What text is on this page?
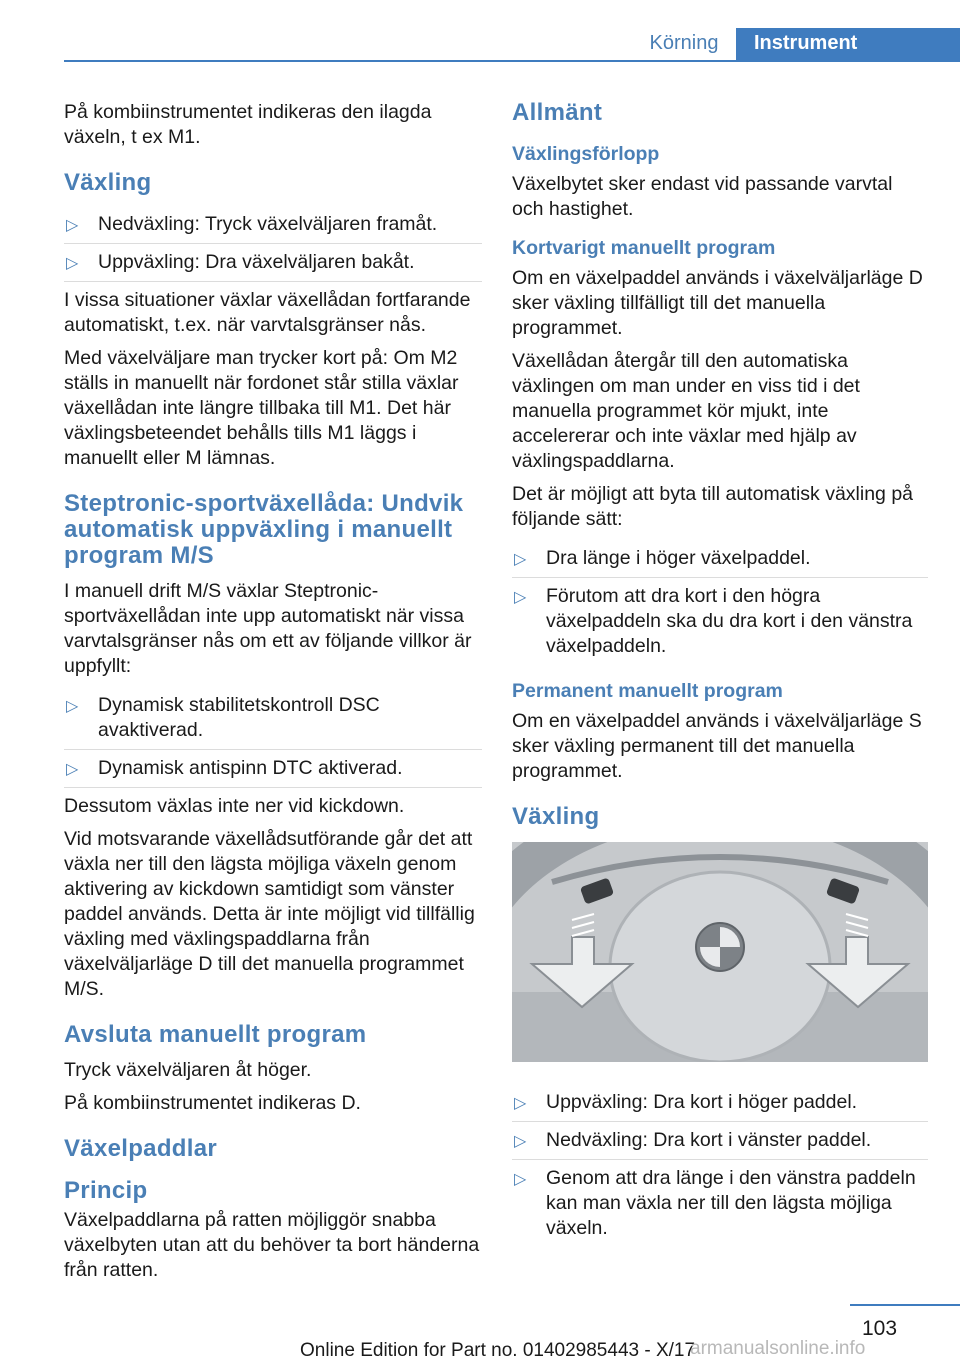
Körning	Instrument

På kombiinstrumentet indikeras den ilagda växeln, t ex M1.

Växling
▷ Nedväxling: Tryck växelväljaren framåt.
▷ Uppväxling: Dra växelväljaren bakåt.

I vissa situationer växlar växellådan fortfarande automatiskt, t.ex. när varvtalsgränser nås.

Med växelväljare man trycker kort på: Om M2 ställs in manuellt när fordonet står stilla växlar växellådan inte längre tillbaka till M1. Det här växlingsbeteendet behålls tills M1 läggs i manuellt eller M lämnas.

Steptronic-sportväxellåda: Undvik automatisk uppväxling i manuellt program M/S

I manuell drift M/S växlar Steptronic-sportväxellådan inte upp automatiskt när vissa varvtalsgränser nås om ett av följande villkor är uppfyllt:

▷ Dynamisk stabilitetskontroll DSC avaktiverad.
▷ Dynamisk antispinn DTC aktiverad.

Dessutom växlas inte ner vid kickdown.

Vid motsvarande växellådsutförande går det att växla ner till den lägsta möjliga växeln genom aktivering av kickdown samtidigt som vänster paddel används. Detta är inte möjligt vid tillfällig växling med växlingspaddlarna från växelväljarläge D till det manuella programmet M/S.

Avsluta manuellt program

Tryck växelväljaren åt höger.

På kombiinstrumentet indikeras D.

Växelpaddlar
Princip

Växelpaddlarna på ratten möjliggör snabba växelbyten utan att du behöver ta bort händerna från ratten.

Allmänt
Växlingsförlopp

Växelbytet sker endast vid passande varvtal och hastighet.

Kortvarigt manuellt program

Om en växelpaddel används i växelväljarläge D sker växling tillfälligt till det manuella programmet.

Växellådan återgår till den automatiska växlingen om man under en viss tid i det manuella programmet kör mjukt, inte accelererar och inte växlar med hjälp av växlingspaddlarna.

Det är möjligt att byta till automatisk växling på följande sätt:

▷ Dra länge i höger växelpaddel.
▷ Förutom att dra kort i den högra växelpaddeln ska du dra kort i den vänstra växelpaddeln.
Permanent manuellt program

Om en växelpaddel används i växelväljarläge S sker växling permanent till det manuella programmet.

Växling
▷ Uppväxling: Dra kort i höger paddel.
▷ Nedväxling: Dra kort i vänster paddel.
▷ Genom att dra länge i den vänstra paddeln kan man växla ner till den lägsta möjliga växeln.
103
Online Edition for Part no. 01402985443 - X/17
armanualsonline.info
